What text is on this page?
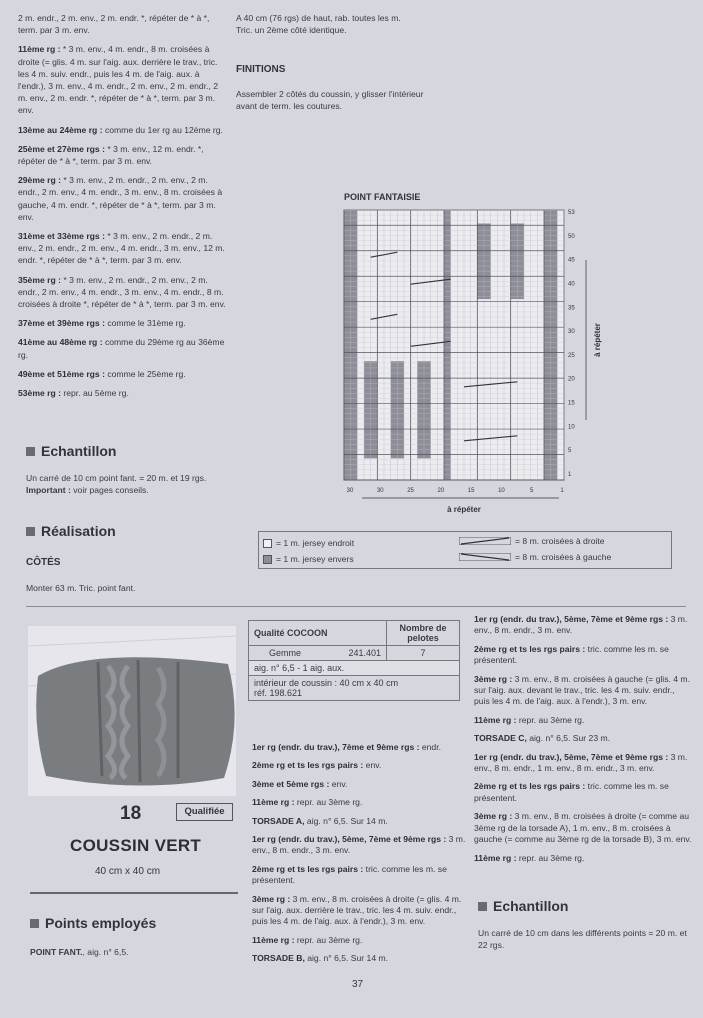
2 m. endr., 2 m. env., 2 m. endr. *, répéter de * à *, term. par 3 m. env.

11ème rg : * 3 m. env., 4 m. endr., 8 m. croisées à droite (= glis. 4 m. sur l'aig. aux. derrière le trav., tric. les 4 m. suiv. endr., puis les 4 m. de l'aig. aux. à l'endr.), 3 m. env., 4 m. endr., 2 m. env., 2 m. endr., 2 m. env., 2 m. endr. *, répéter de * à *, term. par 3 m. env.

13ème au 24ème rg : comme du 1er rg au 12ème rg.

25ème et 27ème rgs : * 3 m. env., 12 m. endr. *, répéter de * à *, term. par 3 m. env.

29ème rg : * 3 m. env., 2 m. endr., 2 m. env., 2 m. endr., 2 m. env., 4 m. endr., 3 m. env., 8 m. croisées à gauche, 4 m. endr. *, répéter de * à *, term. par 3 m. env.

31ème et 33ème rgs : * 3 m. env., 2 m. endr., 2 m. env., 2 m. endr., 2 m. env., 4 m. endr., 3 m. env., 12 m. endr. *, répéter de * à *, term. par 3 m. env.

35ème rg : * 3 m. env., 2 m. endr., 2 m. env., 2 m. endr., 2 m. env., 4 m. endr., 3 m. env., 4 m. endr., 8 m. croisées à droite *, répéter de * à *, term. par 3 m. env.

37ème et 39ème rgs : comme le 31ème rg.

41ème au 48ème rg : comme du 29ème rg au 36ème rg.

49ème et 51ème rgs : comme le 25ème rg.

53ème rg : repr. au 5ème rg.

Echantillon

Un carré de 10 cm point fant. = 20 m. et 19 rgs.

Important : voir pages conseils.

Réalisation
CÔTÉS
Monter 63 m. Tric. point fant.

A 40 cm (76 rgs) de haut, rab. toutes les m.

Tric. un 2ème côté identique.

FINITIONS
Assembler 2 côtés du coussin, y glisser l'intérieur avant de term. les coutures.
POINT FANTAISIE
53
50
45
40
35
30
25
20
15
10
5
1
30	30	25	20	15	10	5	1
à répéter
à répéter
= 1 m. jersey endroit
= 1 m. jersey envers
= 8 m. croisées à droite
= 8 m. croisées à gauche
18	Qualifiée
COUSSIN VERT
40 cm x 40 cm
Points employés
POINT FANT., aig. n° 6,5.
Qualité COCOON		Nombre de pelotes
Gemme	241.401	7
aig. n° 6,5 - 1 aig. aux.		
intérieur de coussin : 40 cm x 40 cm
réf. 198.621		

1er rg (endr. du trav.), 7ème et 9ème rgs : endr.

2ème rg et ts les rgs pairs : env.

3ème et 5ème rgs : env.

11ème rg : repr. au 3ème rg.

TORSADE A, aig. n° 6,5. Sur 14 m.

1er rg (endr. du trav.), 5ème, 7ème et 9ème rgs : 3 m. env., 8 m. endr., 3 m. env.

2ème rg et ts les rgs pairs : tric. comme les m. se présentent.

3ème rg : 3 m. env., 8 m. croisées à droite (= glis. 4 m. sur l'aig. aux. derrière le trav., tric. les 4 m. suiv. endr., puis les 4 m. de l'aig. aux. à l'endr.), 3 m. env.

11ème rg : repr. au 3ème rg.

TORSADE B, aig. n° 6,5. Sur 14 m.

1er rg (endr. du trav.), 5ème, 7ème et 9ème rgs : 3 m. env., 8 m. endr., 3 m. env.

2ème rg et ts les rgs pairs : tric. comme les m. se présentent.

3ème rg : 3 m. env., 8 m. croisées à gauche (= glis. 4 m. sur l'aig. aux. devant le trav., tric. les 4 m. suiv. endr., puis les 4 m. de l'aig. aux. à l'endr.), 3 m. env.

11ème rg : repr. au 3ème rg.

TORSADE C, aig. n° 6,5. Sur 23 m.

1er rg (endr. du trav.), 5ème, 7ème et 9ème rgs : 3 m. env., 8 m. endr., 1 m. env., 8 m. endr., 3 m. env.

2ème rg et ts les rgs pairs : tric. comme les m. se présentent.

3ème rg : 3 m. env., 8 m. croisées à droite (= comme au 3ème rg de la torsade A), 1 m. env., 8 m. croisées à gauche (= comme au 3ème rg de la torsade B), 3 m. env.

11ème rg : repr. au 3ème rg.

Echantillon
Un carré de 10 cm dans les différents points = 20 m. et 22 rgs.
37
